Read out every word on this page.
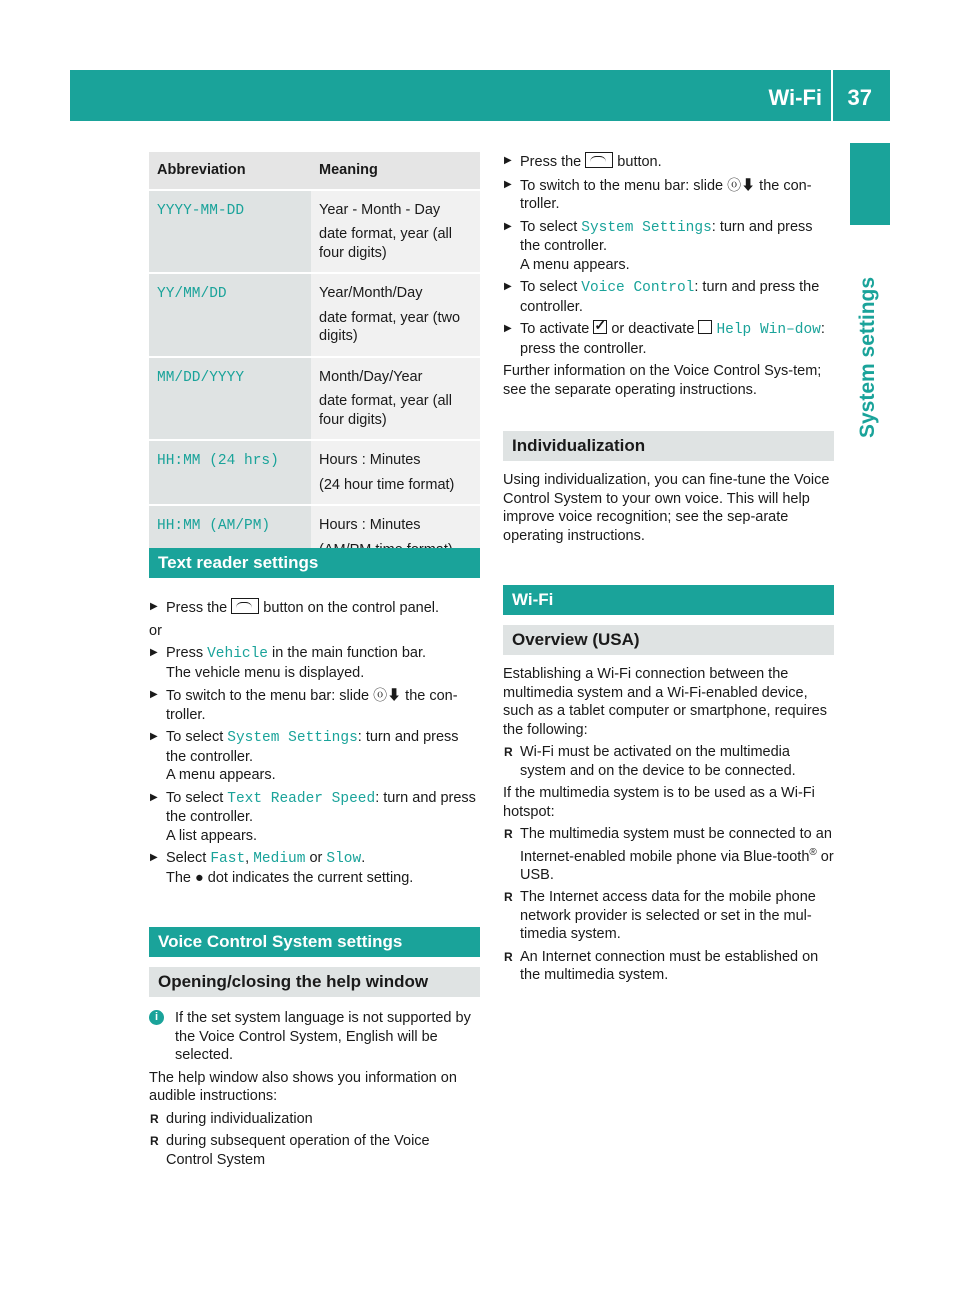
Wi-Fi 37
System settings
Abbreviation	Meaning
YYYY-MM-DD	Year - Month - Day

date format, year (all four digits)

YY/MM/DD	Year/Month/Day

date format, year (two digits)

MM/DD/YYYY	Month/Day/Year

date format, year (all four digits)

HH:MM (24 hrs)	Hours : Minutes

(24 hour time format)

HH:MM (AM/PM)	Hours : Minutes

Text reader settings
▶ Press the  button on the control panel.

or

▶ Press Vehicle in the main function bar.
The vehicle menu is displayed.
▶ To switch to the menu bar: slide ⓞ⬇ the con-troller.
▶ To select System Settings: turn and press the controller.
A menu appears.
▶ To select Text Reader Speed: turn and press the controller.
A list appears.
▶ Select Fast, Medium or Slow.
The ● dot indicates the current setting.
Voice Control System settings
Opening/closing the help window
i	If the set system language is not supported by the Voice Control System, English will be selected.

The help window also shows you information on audible instructions:

R during individualization
R during subsequent operation of the Voice Control System
▶ Press the  button.
▶ To switch to the menu bar: slide ⓞ⬇ the con-troller.
▶ To select System Settings: turn and press the controller.
A menu appears.
▶ To select Voice Control: turn and press the controller.
▶ To activate ✓ or deactivate  Help Win–dow: press the controller.

Further information on the Voice Control Sys-tem; see the separate operating instructions.

Individualization

Using individualization, you can fine-tune the Voice Control System to your own voice. This will help improve voice recognition; see the sep-arate operating instructions.

Wi-Fi
Overview (USA)

Establishing a Wi-Fi connection between the multimedia system and a Wi-Fi-enabled device, such as a tablet computer or smartphone, requires the following:

R Wi-Fi must be activated on the multimedia system and on the device to be connected.

If the multimedia system is to be used as a Wi-Fi hotspot:

R The multimedia system must be connected to an Internet-enabled mobile phone via Blue-tooth® or USB.
R The Internet access data for the mobile phone network provider is selected or set in the mul-timedia system.
R An Internet connection must be established on the multimedia system.
